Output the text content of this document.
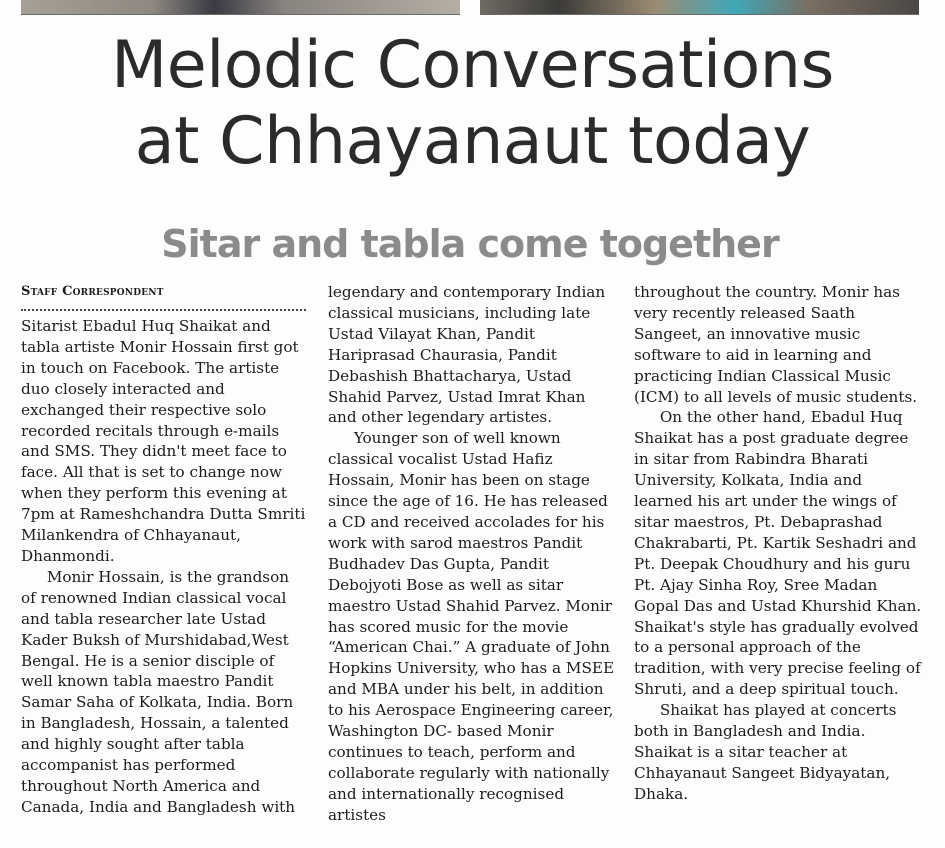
Melodic Conversations
at Chhayanaut today
Sitar and tabla come together
Staff Correspondent

Sitarist Ebadul Huq Shaikat and tabla artiste Monir Hossain first got in touch on Facebook. The artiste duo closely interacted and exchanged their respective solo recorded recitals through e-mails and SMS. They didn't meet face to face. All that is set to change now when they perform this evening at 7pm at Rameshchandra Dutta Smriti Milankendra of Chhayanaut, Dhanmondi.

Monir Hossain, is the grandson of renowned Indian classical vocal and tabla researcher late Ustad Kader Buksh of Murshidabad,West Bengal. He is a senior disciple of well known tabla maestro Pandit Samar Saha of Kolkata, India. Born in Bangladesh, Hossain, a talented and highly sought after tabla accompanist has performed throughout North America and Canada, India and Bangladesh with

legendary and contemporary Indian classical musicians, including late Ustad Vilayat Khan, Pandit Hariprasad Chaurasia, Pandit Debashish Bhattacharya, Ustad Shahid Parvez, Ustad Imrat Khan and other legendary artistes.

Younger son of well known classical vocalist Ustad Hafiz Hossain, Monir has been on stage since the age of 16. He has released a CD and received accolades for his work with sarod maestros Pandit Budhadev Das Gupta, Pandit Debojyoti Bose as well as sitar maestro Ustad Shahid Parvez. Monir has scored music for the movie “American Chai.” A graduate of John Hopkins University, who has a MSEE and MBA under his belt, in addition to his Aerospace Engineering career, Washington DC- based Monir continues to teach, perform and collaborate regularly with nationally and internationally recognised artistes

throughout the country. Monir has very recently released Saath Sangeet, an innovative music software to aid in learning and practicing Indian Classical Music (ICM) to all levels of music students.

On the other hand, Ebadul Huq Shaikat has a post graduate degree in sitar from Rabindra Bharati University, Kolkata, India and learned his art under the wings of sitar maestros, Pt. Debaprashad Chakrabarti, Pt. Kartik Seshadri and Pt. Deepak Choudhury and his guru Pt. Ajay Sinha Roy, Sree Madan Gopal Das and Ustad Khurshid Khan. Shaikat's style has gradually evolved to a personal approach of the tradition, with very precise feeling of Shruti, and a deep spiritual touch.

Shaikat has played at concerts both in Bangladesh and India. Shaikat is a sitar teacher at Chhayanaut Sangeet Bidyayatan, Dhaka.
